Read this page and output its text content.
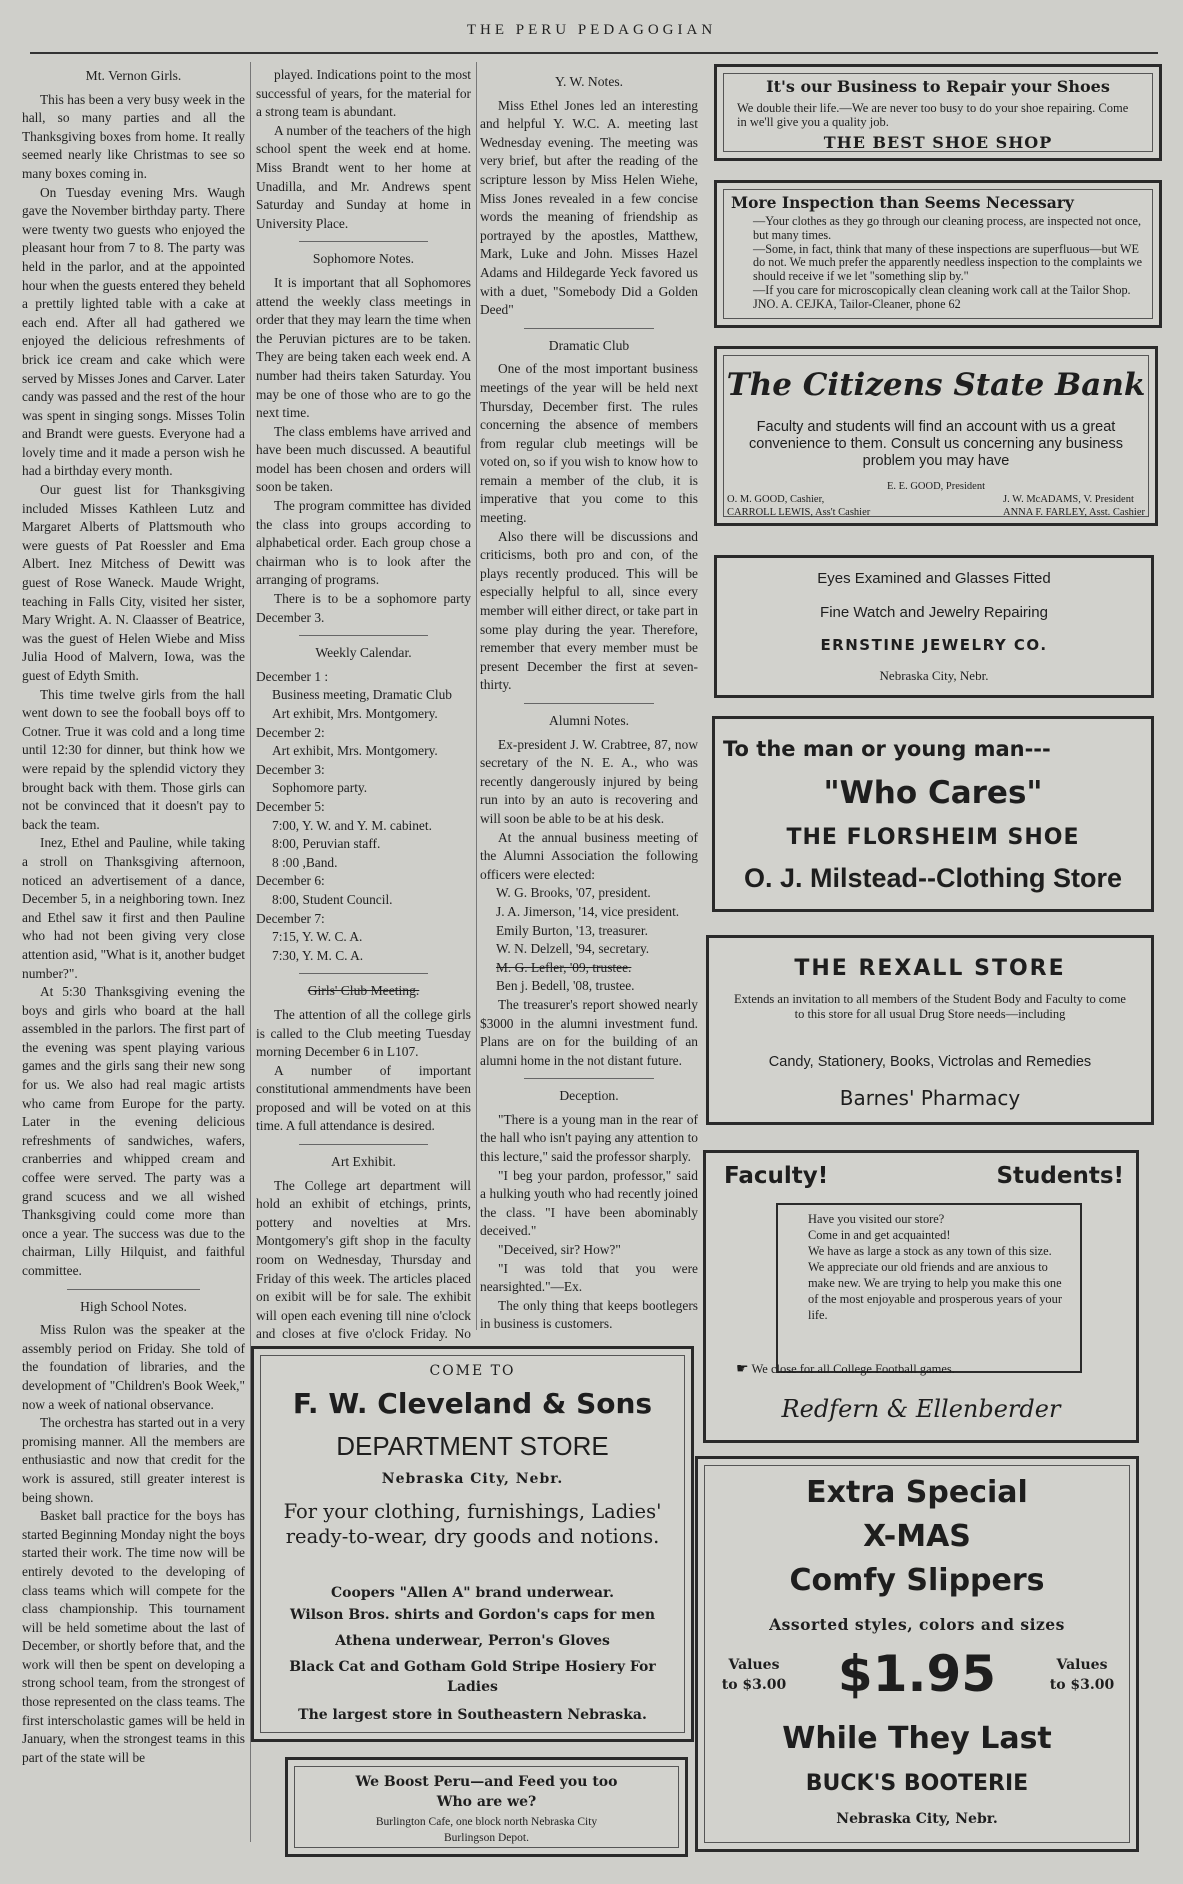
THE PERU PEDAGOGIAN
Mt. Vernon Girls.

This has been a very busy week in the hall, so many parties and all the Thanksgiving boxes from home. It really seemed nearly like Christmas to see so many boxes coming in.

On Tuesday evening Mrs. Waugh gave the November birthday party. There were twenty two guests who enjoyed the pleasant hour from 7 to 8. The party was held in the parlor, and at the appointed hour when the guests entered they beheld a prettily lighted table with a cake at each end. After all had gathered we enjoyed the delicious refreshments of brick ice cream and cake which were served by Misses Jones and Carver. Later candy was passed and the rest of the hour was spent in singing songs. Misses Tolin and Brandt were guests. Everyone had a lovely time and it made a person wish he had a birthday every month.

Our guest list for Thanksgiving included Misses Kathleen Lutz and Margaret Alberts of Plattsmouth who were guests of Pat Roessler and Ema Albert. Inez Mitchess of Dewitt was guest of Rose Waneck. Maude Wright, teaching in Falls City, visited her sister, Mary Wright. A. N. Claasser of Beatrice, was the guest of Helen Wiebe and Miss Julia Hood of Malvern, Iowa, was the guest of Edyth Smith.

This time twelve girls from the hall went down to see the fooball boys off to Cotner. True it was cold and a long time until 12:30 for dinner, but think how we were repaid by the splendid victory they brought back with them. Those girls can not be convinced that it doesn't pay to back the team.

Inez, Ethel and Pauline, while taking a stroll on Thanksgiving afternoon, noticed an advertisement of a dance, December 5, in a neighboring town. Inez and Ethel saw it first and then Pauline who had not been giving very close attention asid, "What is it, another budget number?".

At 5:30 Thanksgiving evening the boys and girls who board at the hall assembled in the parlors. The first part of the evening was spent playing various games and the girls sang their new song for us. We also had real magic artists who came from Europe for the party. Later in the evening delicious refreshments of sandwiches, wafers, cranberries and whipped cream and coffee were served. The party was a grand scucess and we all wished Thanksgiving could come more than once a year. The success was due to the chairman, Lilly Hilquist, and faithful committee.

High School Notes.

Miss Rulon was the speaker at the assembly period on Friday. She told of the foundation of libraries, and the development of "Children's Book Week," now a week of national observance.

The orchestra has started out in a very promising manner. All the members are enthusiastic and now that credit for the work is assured, still greater interest is being shown.

Basket ball practice for the boys has started Beginning Monday night the boys started their work. The time now will be entirely devoted to the developing of class teams which will compete for the class championship. This tournament will be held sometime about the last of December, or shortly before that, and the work will then be spent on developing a strong school team, from the strongest of those represented on the class teams. The first interscholastic games will be held in January, when the strongest teams in this part of the state will be

played. Indications point to the most successful of years, for the material for a strong team is abundant.

A number of the teachers of the high school spent the week end at home. Miss Brandt went to her home at Unadilla, and Mr. Andrews spent Saturday and Sunday at home in University Place.

Sophomore Notes.

It is important that all Sophomores attend the weekly class meetings in order that they may learn the time when the Peruvian pictures are to be taken. They are being taken each week end. A number had theirs taken Saturday. You may be one of those who are to go the next time.

The class emblems have arrived and have been much discussed. A beautiful model has been chosen and orders will soon be taken.

The program committee has divided the class into groups according to alphabetical order. Each group chose a chairman who is to look after the arranging of programs.

There is to be a sophomore party December 3.

Weekly Calendar.
December 1 :
Business meeting, Dramatic Club
Art exhibit, Mrs. Montgomery.
December 2:
Art exhibit, Mrs. Montgomery.
December 3:
Sophomore party.
December 5:
7:00, Y. W. and Y. M. cabinet.
8:00, Peruvian staff.
8 :00 ,Band.
December 6:
8:00, Student Council.
December 7:
7:15, Y. W. C. A.
7:30, Y. M. C. A.
Girls' Club Meeting.

The attention of all the college girls is called to the Club meeting Tuesday morning December 6 in L107.

A number of important constitutional ammendments have been proposed and will be voted on at this time. A full attendance is desired.

Art Exhibit.

The College art department will hold an exhibit of etchings, prints, pottery and novelties at Mrs. Montgomery's gift shop in the faculty room on Wednesday, Thursday and Friday of this week. The articles placed on exibit will be for sale. The exhibit will open each evening till nine o'clock and closes at five o'clock Friday. No

Y. W. Notes.

Miss Ethel Jones led an interesting and helpful Y. W.C. A. meeting last Wednesday evening. The meeting was very brief, but after the reading of the scripture lesson by Miss Helen Wiehe, Miss Jones revealed in a few concise words the meaning of friendship as portrayed by the apostles, Matthew, Mark, Luke and John. Misses Hazel Adams and Hildegarde Yeck favored us with a duet, "Somebody Did a Golden Deed"

Dramatic Club

One of the most important business meetings of the year will be held next Thursday, December first. The rules concerning the absence of members from regular club meetings will be voted on, so if you wish to know how to remain a member of the club, it is imperative that you come to this meeting.

Also there will be discussions and criticisms, both pro and con, of the plays recently produced. This will be especially helpful to all, since every member will either direct, or take part in some play during the year. Therefore, remember that every member must be present December the first at seven-thirty.

Alumni Notes.

Ex-president J. W. Crabtree, 87, now secretary of the N. E. A., who was recently dangerously injured by being run into by an auto is recovering and will soon be able to be at his desk.

At the annual business meeting of the Alumni Association the following officers were elected:

W. G. Brooks, '07, president.
J. A. Jimerson, '14, vice president.
Emily Burton, '13, treasurer.
W. N. Delzell, '94, secretary.
M. G. Lefler, '09, trustee.
Ben j. Bedell, '08, trustee.

The treasurer's report showed nearly $3000 in the alumni investment fund. Plans are on for the building of an alumni home in the not distant future.

Deception.

"There is a young man in the rear of the hall who isn't paying any attention to this lecture," said the professor sharply.

"I beg your pardon, professor," said a hulking youth who had recently joined the class. "I have been abominably deceived."

"Deceived, sir? How?"

"I was told that you were nearsighted."—Ex.

The only thing that keeps bootlegers in business is customers.

It's our Business to Repair your Shoes
We double their life.—We are never too busy to do your shoe repairing. Come in we'll give you a quality job.
THE BEST SHOE SHOP
More Inspection than Seems Necessary
—Your clothes as they go through our cleaning process, are inspected not once, but many times.
—Some, in fact, think that many of these inspections are superfluous—but WE do not. We much prefer the apparently needless inspection to the complaints we should receive if we let "something slip by."
—If you care for microscopically clean cleaning work call at the Tailor Shop. JNO. A. CEJKA, Tailor-Cleaner, phone 62
The Citizens State Bank
Faculty and students will find an account with us a great convenience to them. Consult us concerning any business problem you may have
E. E. GOOD, President
O. M. GOOD, Cashier,
CARROLL LEWIS, Ass't Cashier
J. W. McADAMS, V. President
ANNA F. FARLEY, Asst. Cashier
Eyes Examined and Glasses Fitted
Fine Watch and Jewelry Repairing
ERNSTINE JEWELRY CO.
Nebraska City, Nebr.
To the man or young man---
"Who Cares"
THE FLORSHEIM SHOE
O. J. Milstead--Clothing Store
THE REXALL STORE
Extends an invitation to all members of the Student Body and Faculty to come to this store for all usual Drug Store needs—including
Candy, Stationery, Books, Victrolas and Remedies
Barnes' Pharmacy
Faculty!	Students!
Have you visited our store?
Come in and get acquainted!
We have as large a stock as any town of this size. We appreciate our old friends and are anxious to make new. We are trying to help you make this one of the most enjoyable and prosperous years of your life.
☛ We close for all College Football games.
Redfern & Ellenberder
COME TO
F. W. Cleveland & Sons
DEPARTMENT STORE
Nebraska City, Nebr.
For your clothing, furnishings, Ladies' ready-to-wear, dry goods and notions.
Coopers "Allen A" brand underwear.
Wilson Bros. shirts and Gordon's caps for men
Athena underwear, Perron's Gloves
Black Cat and Gotham Gold Stripe Hosiery For Ladies
The largest store in Southeastern Nebraska.
We Boost Peru—and Feed you too
Who are we?
Burlington Cafe, one block north Nebraska City
Burlingson Depot.
Extra Special
X-MAS
Comfy Slippers
Assorted styles, colors and sizes
Values
to $3.00	$1.95	Values
to $3.00
While They Last
BUCK'S BOOTERIE
Nebraska City, Nebr.
